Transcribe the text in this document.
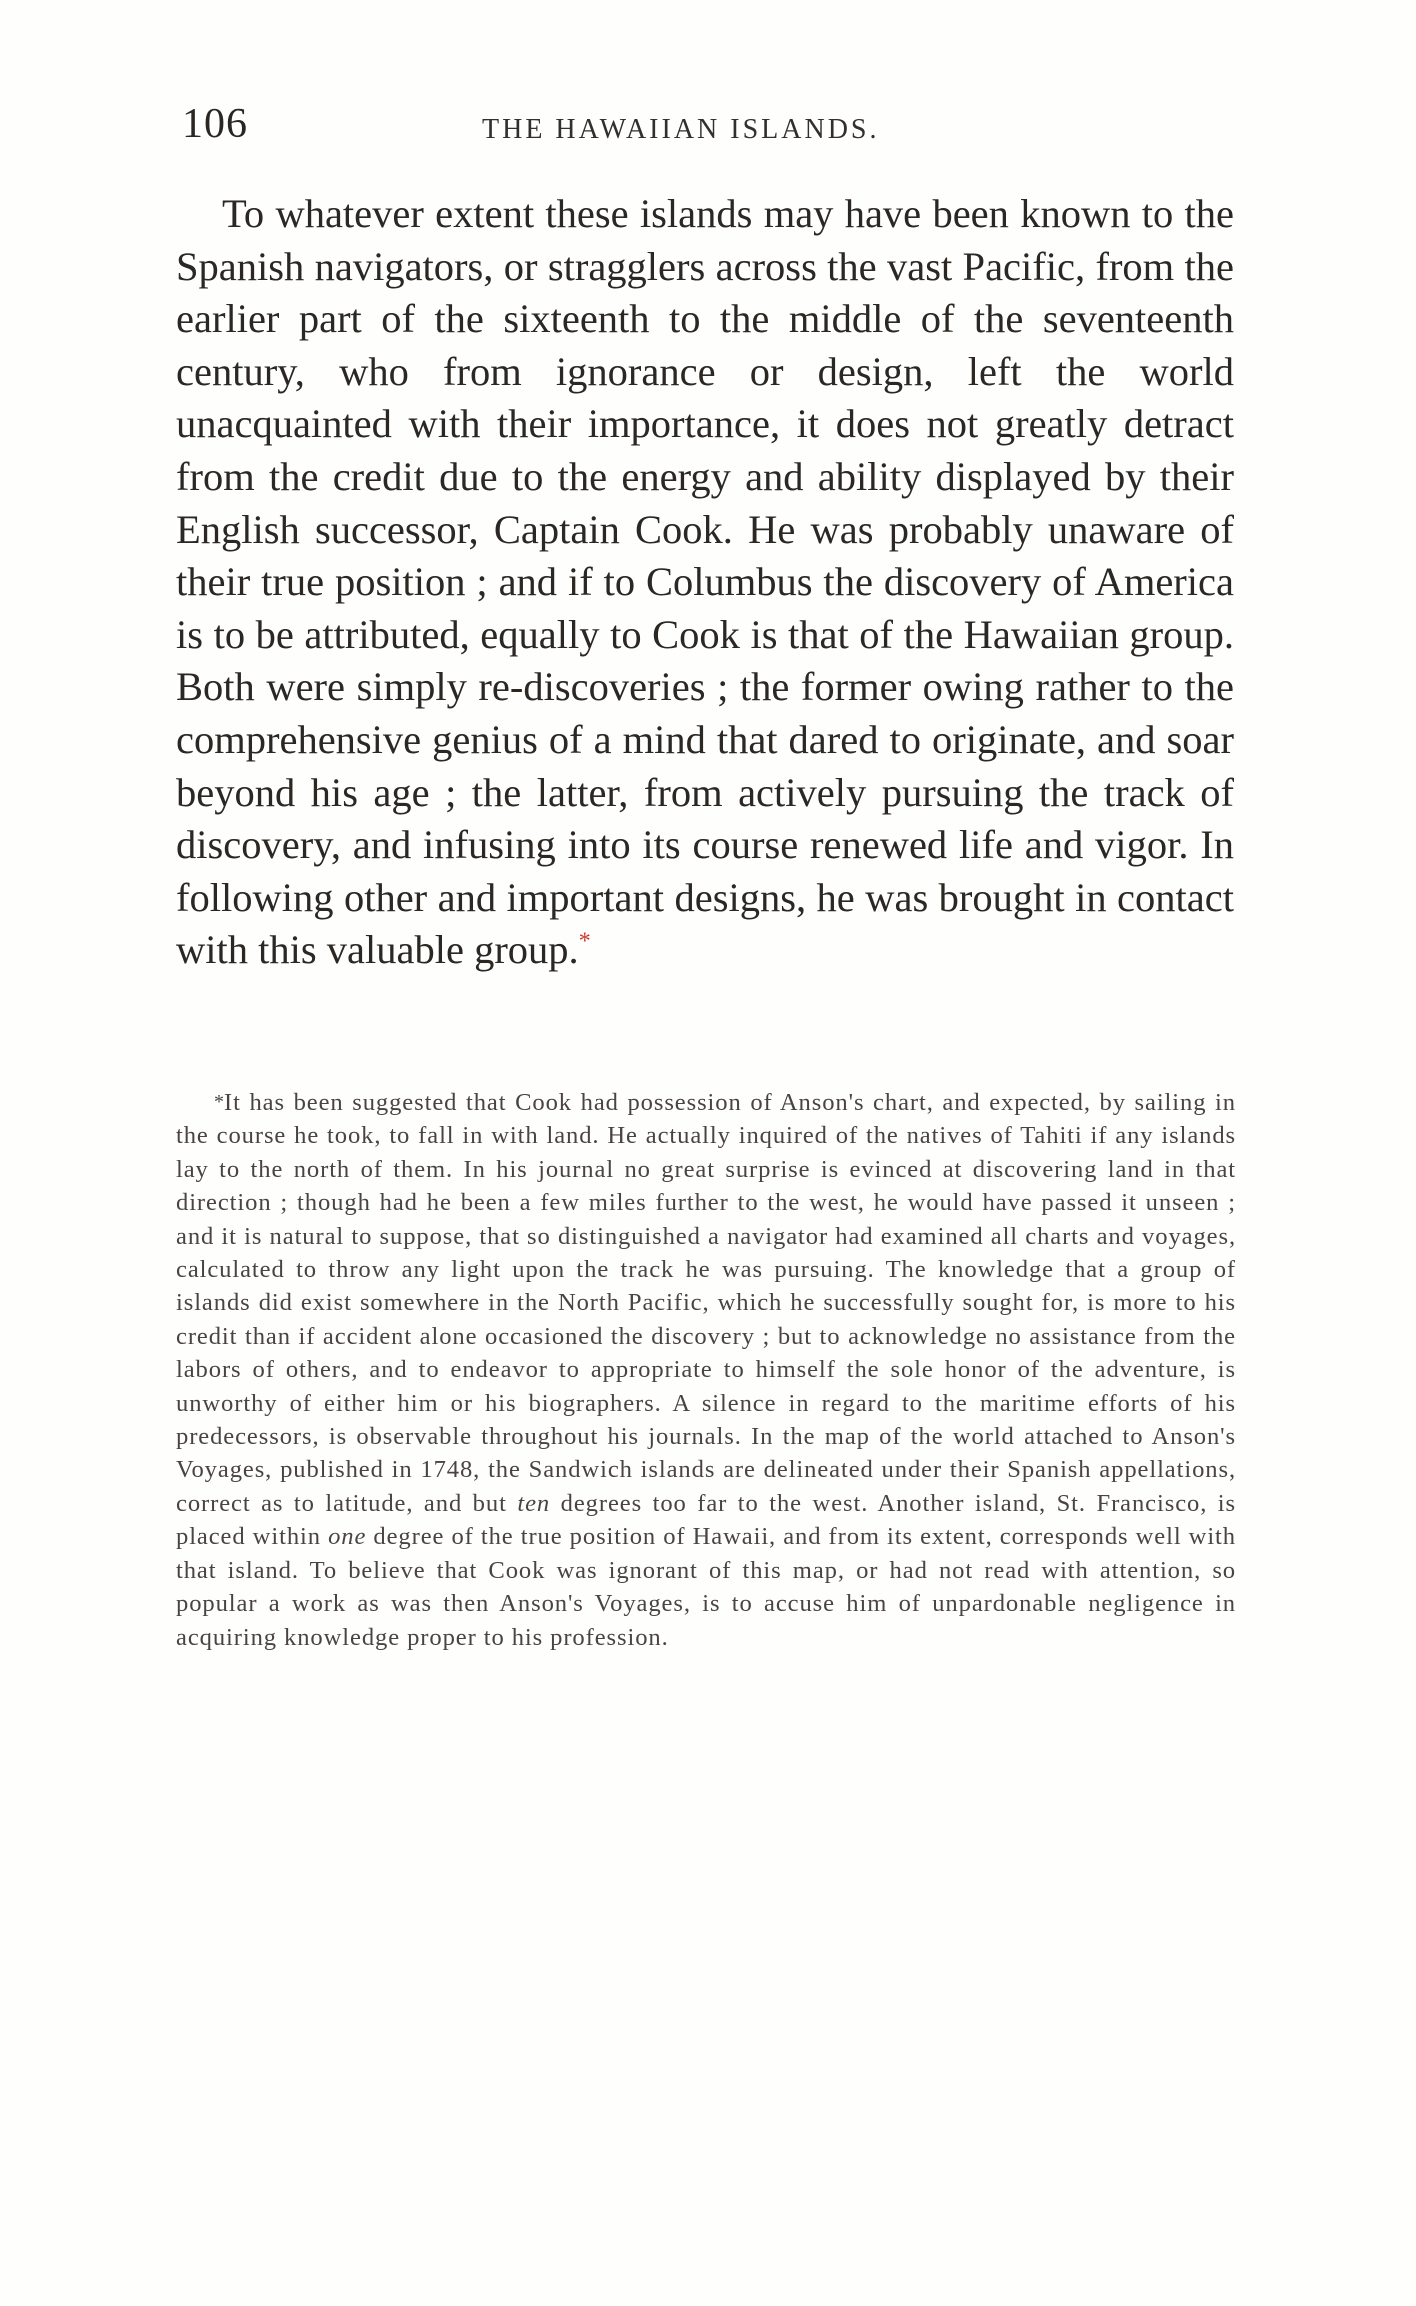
106	THE HAWAIIAN ISLANDS.

To whatever extent these islands may have been known to the Spanish navigators, or stragglers across the vast Pacific, from the earlier part of the sixteenth to the middle of the seventeenth century, who from ignorance or design, left the world unacquainted with their importance, it does not greatly detract from the credit due to the energy and ability displayed by their English successor, Captain Cook. He was probably unaware of their true position ; and if to Columbus the discovery of America is to be attributed, equally to Cook is that of the Hawaiian group. Both were simply re-discoveries ; the former owing rather to the comprehensive genius of a mind that dared to originate, and soar beyond his age ; the latter, from actively pursuing the track of discovery, and infusing into its course renewed life and vigor. In following other and important designs, he was brought in contact with this valuable group.*

*It has been suggested that Cook had possession of Anson's chart, and expected, by sailing in the course he took, to fall in with land. He actually inquired of the natives of Tahiti if any islands lay to the north of them. In his journal no great surprise is evinced at discovering land in that direction ; though had he been a few miles further to the west, he would have passed it unseen ; and it is natural to suppose, that so distinguished a navigator had examined all charts and voyages, calculated to throw any light upon the track he was pursuing. The knowledge that a group of islands did exist somewhere in the North Pacific, which he successfully sought for, is more to his credit than if accident alone occasioned the discovery ; but to acknowledge no assistance from the labors of others, and to endeavor to appropriate to himself the sole honor of the adventure, is unworthy of either him or his biographers. A silence in regard to the maritime efforts of his predecessors, is observable throughout his journals. In the map of the world attached to Anson's Voyages, published in 1748, the Sandwich islands are delineated under their Spanish appellations, correct as to latitude, and but ten degrees too far to the west. Another island, St. Francisco, is placed within one degree of the true position of Hawaii, and from its extent, corresponds well with that island. To believe that Cook was ignorant of this map, or had not read with attention, so popular a work as was then Anson's Voyages, is to accuse him of unpardonable negligence in acquiring knowledge proper to his profession.
